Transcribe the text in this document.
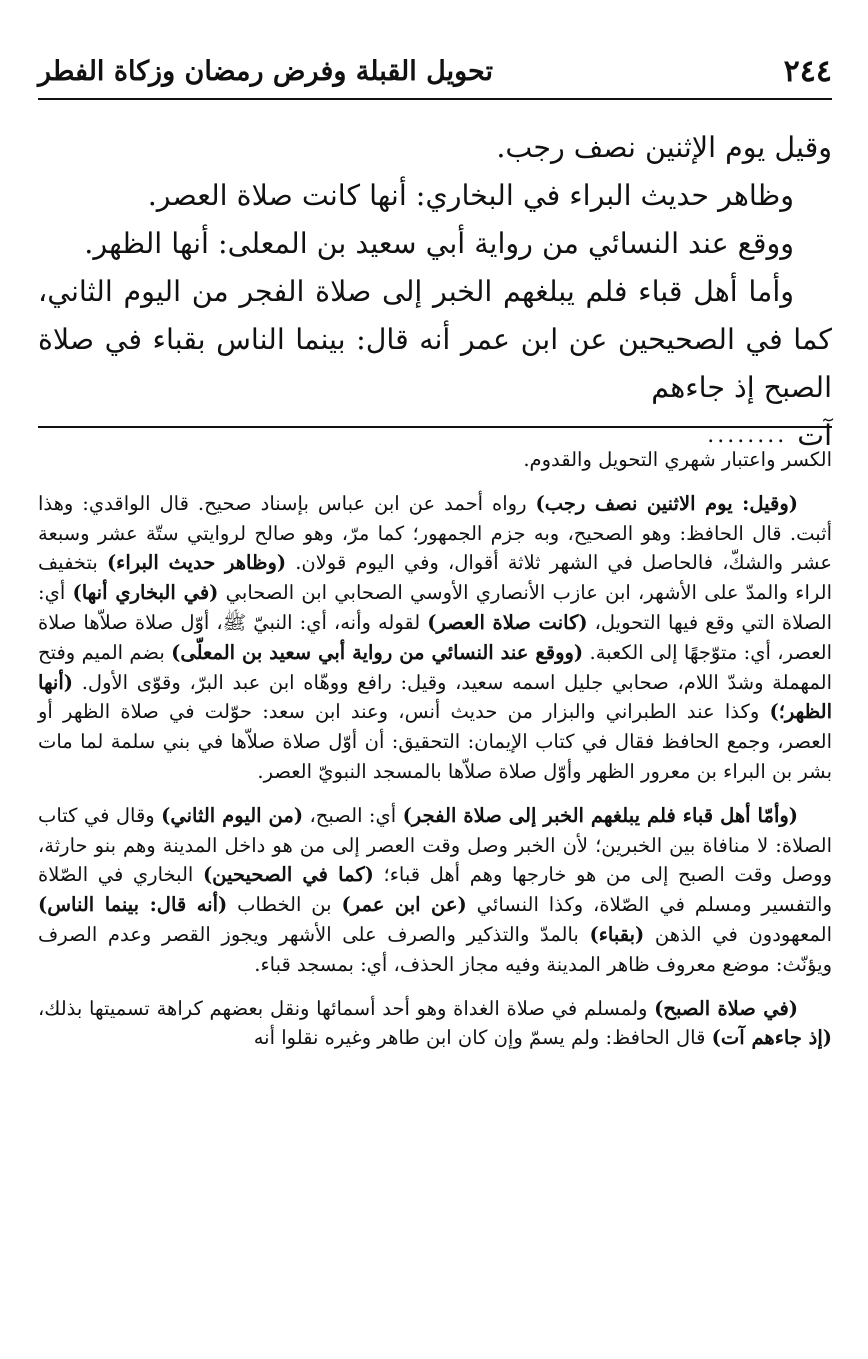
٢٤٤
تحويل القبلة وفرض رمضان وزكاة الفطر

وقيل يوم الإثنين نصف رجب.

وظاهر حديث البراء في البخاري: أنها كانت صلاة العصر.

ووقع عند النسائي من رواية أبي سعيد بن المعلى: أنها الظهر.

وأما أهل قباء فلم يبلغهم الخبر إلى صلاة الفجر من اليوم الثاني، كما في الصحيحين عن ابن عمر أنه قال: بينما الناس بقباء في صلاة الصبح إذ جاءهم

آت
........

الكسر واعتبار شهري التحويل والقدوم.

(وقيل: يوم الاثنين نصف رجب) رواه أحمد عن ابن عباس بإسناد صحيح. قال الواقدي: وهذا أثبت. قال الحافظ: وهو الصحيح، وبه جزم الجمهور؛ كما مرّ، وهو صالح لروايتي ستّة عشر وسبعة عشر والشكّ، فالحاصل في الشهر ثلاثة أقوال، وفي اليوم قولان. (وظاهر حديث البراء) بتخفيف الراء والمدّ على الأشهر، ابن عازب الأنصاري الأوسي الصحابي ابن الصحابي (في البخاري أنها) أي: الصلاة التي وقع فيها التحويل، (كانت صلاة العصر) لقوله وأنه، أي: النبيّ ﷺ، أوّل صلاة صلاّها صلاة العصر، أي: متوّجهًا إلى الكعبة. (ووقع عند النسائي من رواية أبي سعيد بن المعلّى) بضم الميم وفتح المهملة وشدّ اللام، صحابي جليل اسمه سعيد، وقيل: رافع ووهّاه ابن عبد البرّ، وقوّى الأول. (أنها الظهر؛) وكذا عند الطبراني والبزار من حديث أنس، وعند ابن سعد: حوّلت في صلاة الظهر أو العصر، وجمع الحافظ فقال في كتاب الإيمان: التحقيق: أن أوّل صلاة صلاّها في بني سلمة لما مات بشر بن البراء بن معرور الظهر وأوّل صلاة صلاّها بالمسجد النبويّ العصر.

(وأمّا أهل قباء فلم يبلغهم الخبر إلى صلاة الفجر) أي: الصبح، (من اليوم الثاني) وقال في كتاب الصلاة: لا منافاة بين الخبرين؛ لأن الخبر وصل وقت العصر إلى من هو داخل المدينة وهم بنو حارثة، ووصل وقت الصبح إلى من هو خارجها وهم أهل قباء؛ (كما في الصحيحين) البخاري في الصّلاة والتفسير ومسلم في الصّلاة، وكذا النسائي (عن ابن عمر) بن الخطاب (أنه قال: بينما الناس) المعهودون في الذهن (بقباء) بالمدّ والتذكير والصرف على الأشهر ويجوز القصر وعدم الصرف ويؤنّث: موضع معروف ظاهر المدينة وفيه مجاز الحذف، أي: بمسجد قباء.

(في صلاة الصبح) ولمسلم في صلاة الغداة وهو أحد أسمائها ونقل بعضهم كراهة تسميتها بذلك، (إذ جاءهم آت) قال الحافظ: ولم يسمّ وإن كان ابن طاهر وغيره نقلوا أنه
